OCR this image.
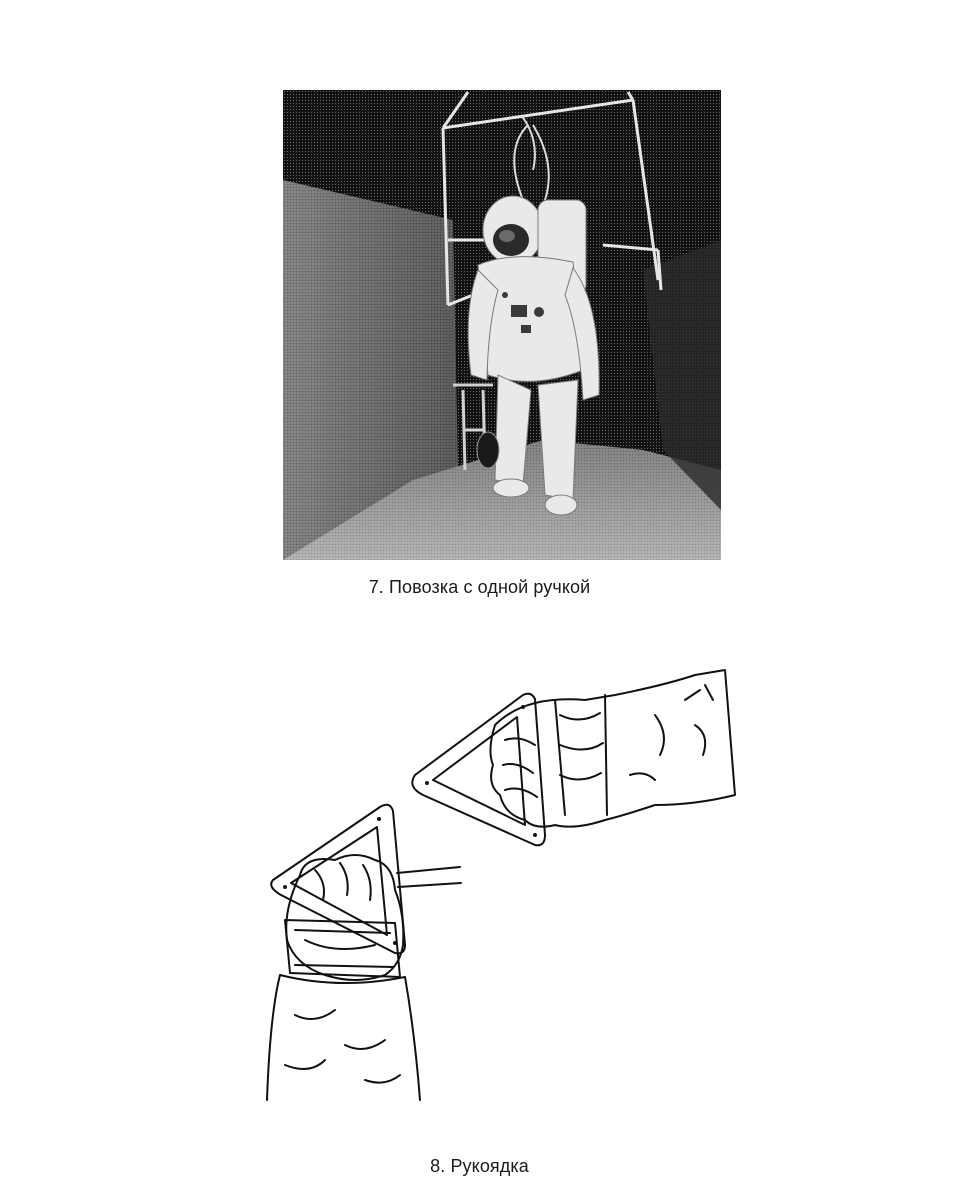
7. Повозка с одной ручкой
8. Рукоядка
